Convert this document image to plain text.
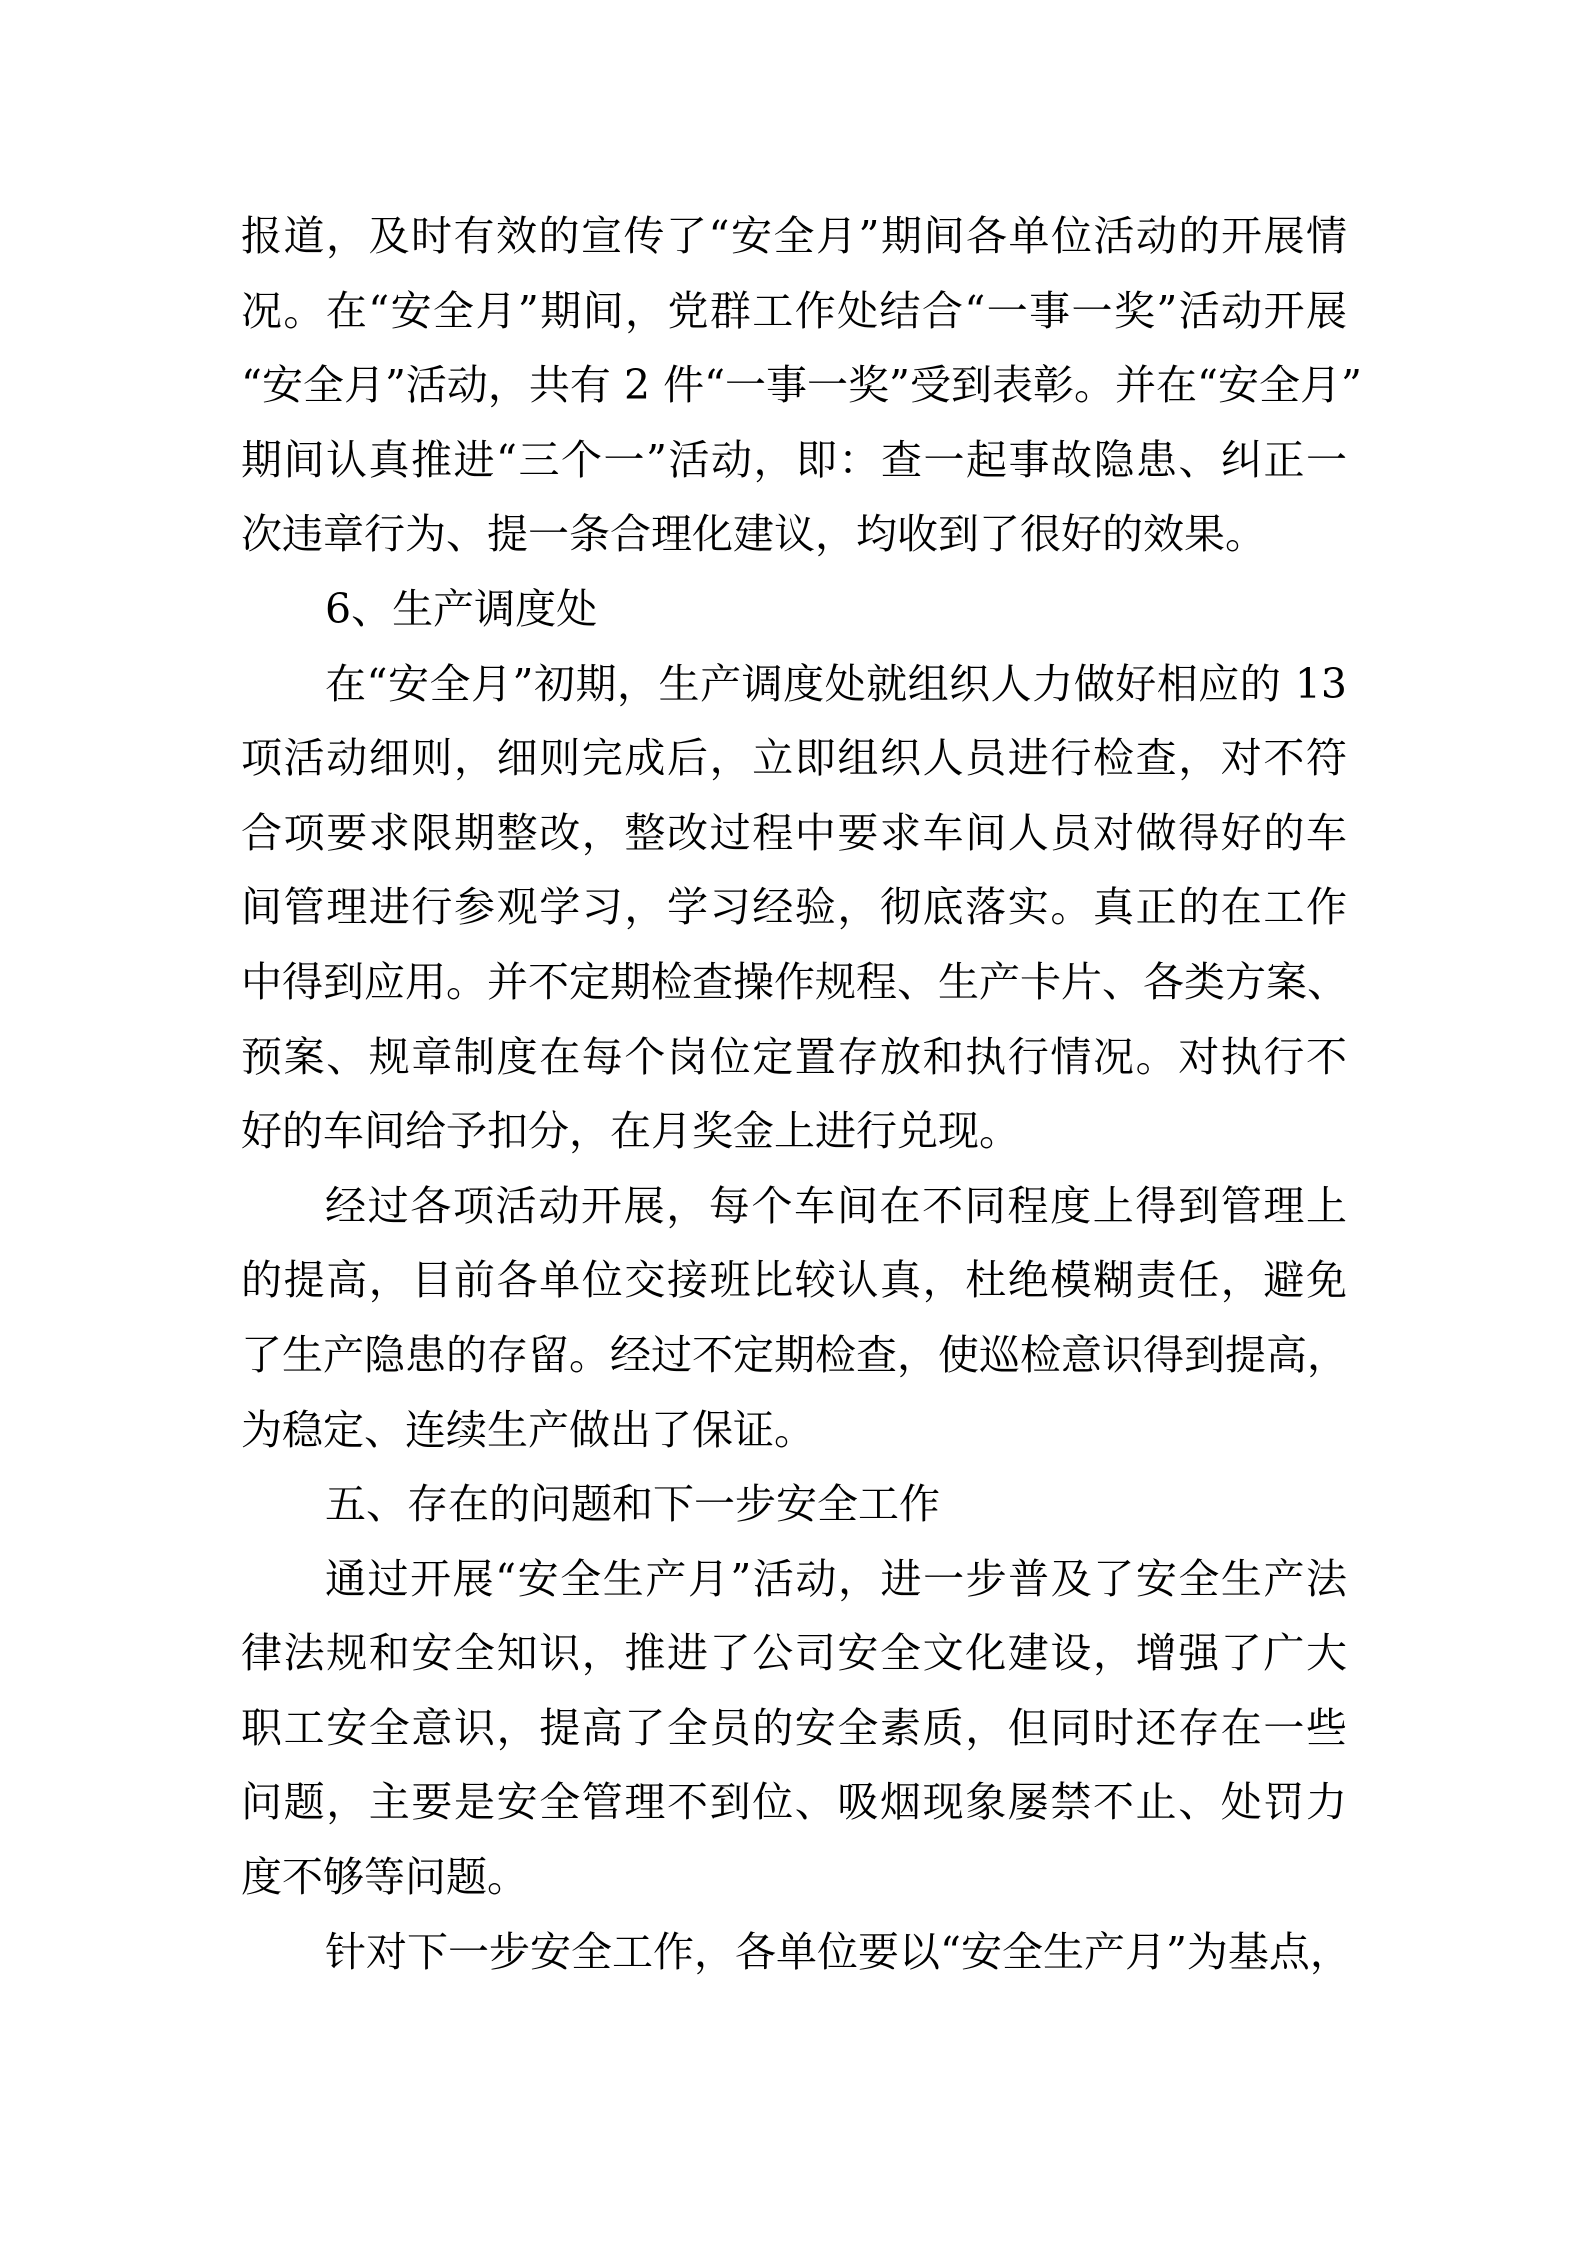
报道，及时有效的宣传了“安全月”期间各单位活动的开展情
况。在“安全月”期间，党群工作处结合“一事一奖”活动开展
“安全月”活动，共有 2 件“一事一奖”受到表彰。并在“安全月”
期间认真推进“三个一”活动，即：查一起事故隐患、纠正一
次违章行为、提一条合理化建议，均收到了很好的效果。
6、生产调度处
在“安全月”初期，生产调度处就组织人力做好相应的 13
项活动细则，细则完成后，立即组织人员进行检查，对不符
合项要求限期整改，整改过程中要求车间人员对做得好的车
间管理进行参观学习，学习经验，彻底落实。真正的在工作
中得到应用。并不定期检查操作规程、生产卡片、各类方案、
预案、规章制度在每个岗位定置存放和执行情况。对执行不
好的车间给予扣分，在月奖金上进行兑现。
经过各项活动开展，每个车间在不同程度上得到管理上
的提高，目前各单位交接班比较认真，杜绝模糊责任，避免
了生产隐患的存留。经过不定期检查，使巡检意识得到提高，
为稳定、连续生产做出了保证。
五、存在的问题和下一步安全工作
通过开展“安全生产月”活动，进一步普及了安全生产法
律法规和安全知识，推进了公司安全文化建设，增强了广大
职工安全意识，提高了全员的安全素质，但同时还存在一些
问题，主要是安全管理不到位、吸烟现象屡禁不止、处罚力
度不够等问题。
针对下一步安全工作，各单位要以“安全生产月”为基点，
